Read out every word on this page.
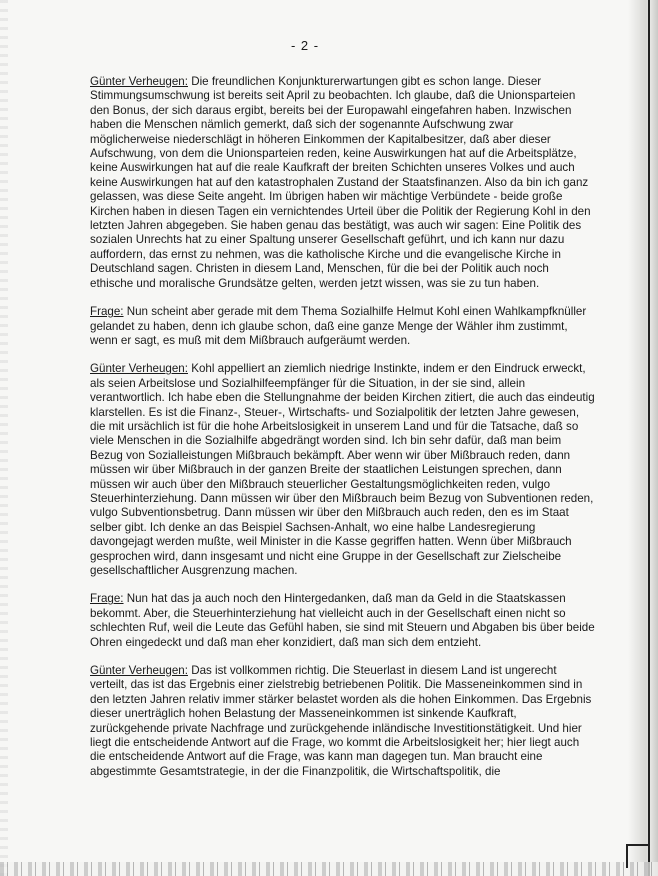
- 2 -

Günter Verheugen: Die freundlichen Konjunkturerwartungen gibt es schon lange. Dieser Stimmungsumschwung ist bereits seit April zu beobachten. Ich glaube, daß die Unionsparteien den Bonus, der sich daraus ergibt, bereits bei der Europawahl eingefahren haben. Inzwischen haben die Menschen nämlich gemerkt, daß sich der sogenannte Aufschwung zwar möglicherweise niederschlägt in höheren Einkommen der Kapitalbesitzer, daß aber dieser Aufschwung, von dem die Unionsparteien reden, keine Auswirkungen hat auf die Arbeitsplätze, keine Auswirkungen hat auf die reale Kaufkraft der breiten Schichten unseres Volkes und auch keine Auswirkungen hat auf den katastrophalen Zustand der Staatsfinanzen. Also da bin ich ganz gelassen, was diese Seite angeht. Im übrigen haben wir mächtige Verbündete - beide große Kirchen haben in diesen Tagen ein vernichtendes Urteil über die Politik der Regierung Kohl in den letzten Jahren abgegeben. Sie haben genau das bestätigt, was auch wir sagen: Eine Politik des sozialen Unrechts hat zu einer Spaltung unserer Gesellschaft geführt, und ich kann nur dazu auffordern, das ernst zu nehmen, was die katholische Kirche und die evangelische Kirche in Deutschland sagen. Christen in diesem Land, Menschen, für die bei der Politik auch noch ethische und moralische Grundsätze gelten, werden jetzt wissen, was sie zu tun haben.

Frage: Nun scheint aber gerade mit dem Thema Sozialhilfe Helmut Kohl einen Wahlkampfknüller gelandet zu haben, denn ich glaube schon, daß eine ganze Menge der Wähler ihm zustimmt, wenn er sagt, es muß mit dem Mißbrauch aufgeräumt werden.

Günter Verheugen: Kohl appelliert an ziemlich niedrige Instinkte, indem er den Eindruck erweckt, als seien Arbeitslose und Sozialhilfeempfänger für die Situation, in der sie sind, allein verantwortlich. Ich habe eben die Stellungnahme der beiden Kirchen zitiert, die auch das eindeutig klarstellen. Es ist die Finanz-, Steuer-, Wirtschafts- und Sozialpolitik der letzten Jahre gewesen, die mit ursächlich ist für die hohe Arbeitslosigkeit in unserem Land und für die Tatsache, daß so viele Menschen in die Sozialhilfe abgedrängt worden sind. Ich bin sehr dafür, daß man beim Bezug von Sozialleistungen Mißbrauch bekämpft. Aber wenn wir über Mißbrauch reden, dann müssen wir über Mißbrauch in der ganzen Breite der staatlichen Leistungen sprechen, dann müssen wir auch über den Mißbrauch steuerlicher Gestaltungsmöglichkeiten reden, vulgo Steuerhinterziehung. Dann müssen wir über den Mißbrauch beim Bezug von Subventionen reden, vulgo Subventionsbetrug. Dann müssen wir über den Mißbrauch auch reden, den es im Staat selber gibt. Ich denke an das Beispiel Sachsen-Anhalt, wo eine halbe Landesregierung davongejagt werden mußte, weil Minister in die Kasse gegriffen hatten. Wenn über Mißbrauch gesprochen wird, dann insgesamt und nicht eine Gruppe in der Gesellschaft zur Zielscheibe gesellschaftlicher Ausgrenzung machen.

Frage: Nun hat das ja auch noch den Hintergedanken, daß man da Geld in die Staatskassen bekommt. Aber, die Steuerhinterziehung hat vielleicht auch in der Gesellschaft einen nicht so schlechten Ruf, weil die Leute das Gefühl haben, sie sind mit Steuern und Abgaben bis über beide Ohren eingedeckt und daß man eher konzidiert, daß man sich dem entzieht.

Günter Verheugen: Das ist vollkommen richtig. Die Steuerlast in diesem Land ist ungerecht verteilt, das ist das Ergebnis einer zielstrebig betriebenen Politik. Die Masseneinkommen sind in den letzten Jahren relativ immer stärker belastet worden als die hohen Einkommen. Das Ergebnis dieser unerträglich hohen Belastung der Masseneinkommen ist sinkende Kaufkraft, zurückgehende private Nachfrage und zurückgehende inländische Investitionstätigkeit. Und hier liegt die entscheidende Antwort auf die Frage, wo kommt die Arbeitslosigkeit her; hier liegt auch die entscheidende Antwort auf die Frage, was kann man dagegen tun. Man braucht eine abgestimmte Gesamtstrategie, in der die Finanzpolitik, die Wirtschaftspolitik, die
